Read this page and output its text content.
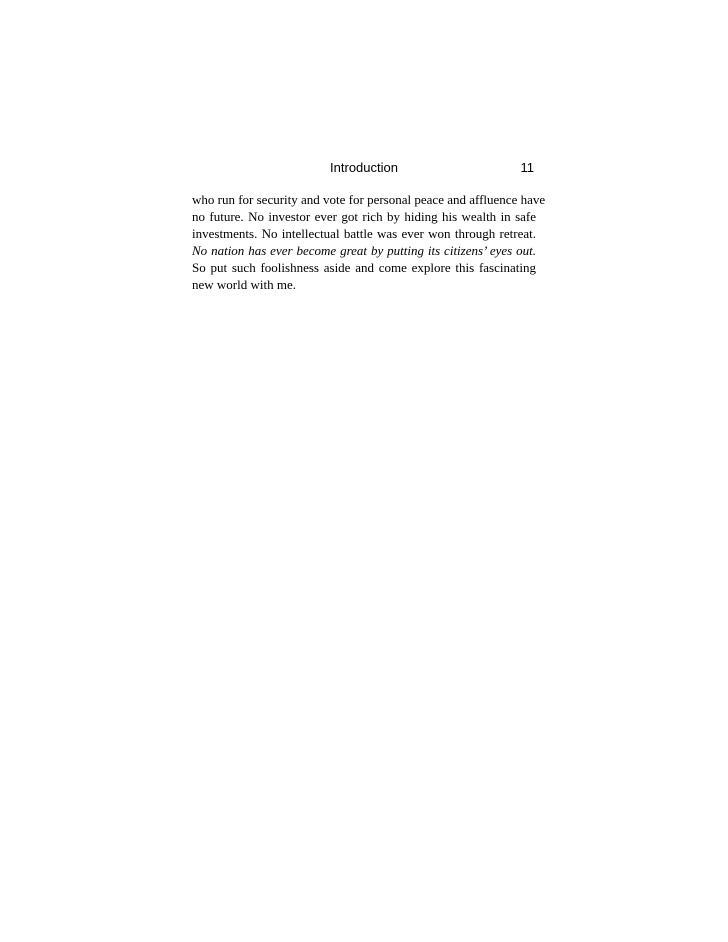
Introduction	11
who run for security and vote for personal peace and affluence have
no future. No investor ever got rich by hiding his wealth in safe
investments. No intellectual battle was ever won through retreat.
No nation has ever become great by putting its citizens’ eyes out.
So put such foolishness aside and come explore this fascinating
new world with me.
